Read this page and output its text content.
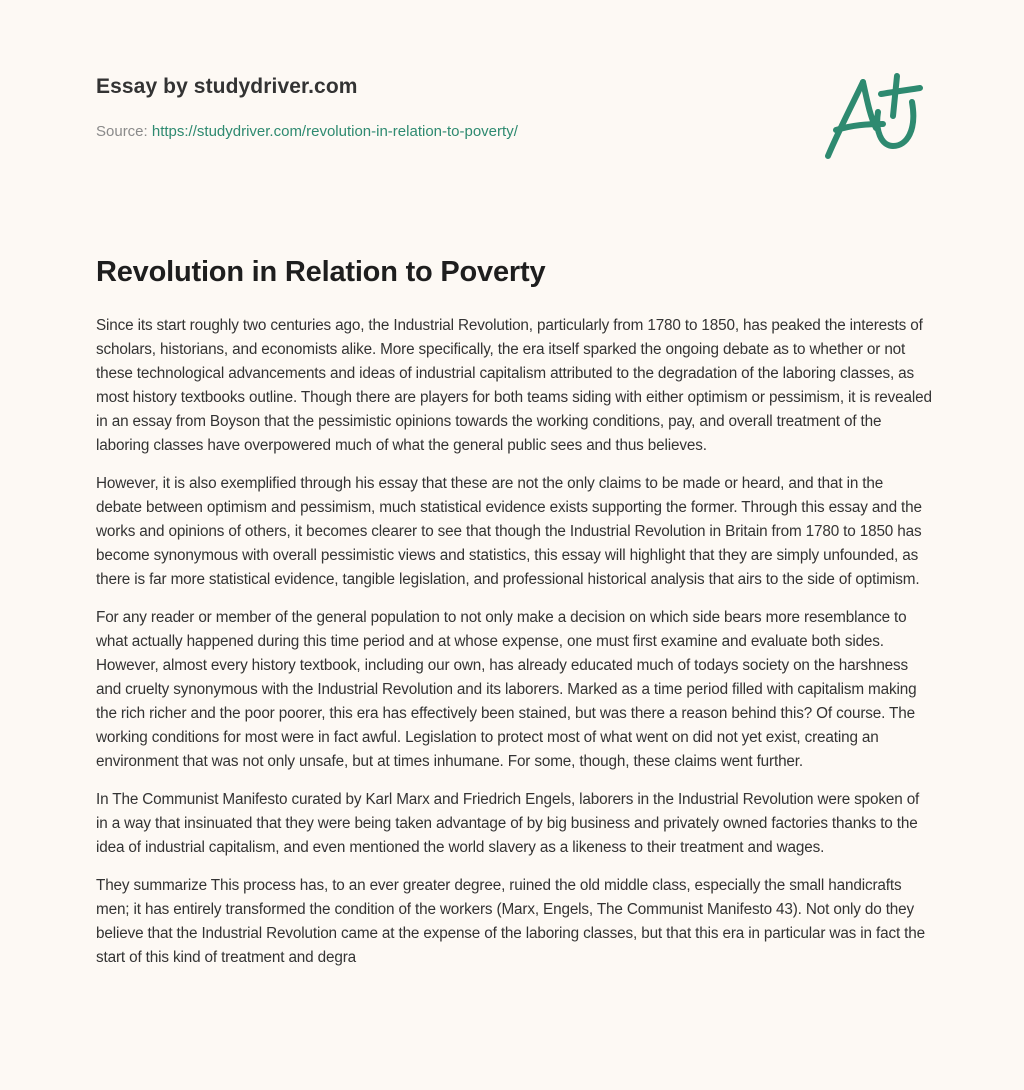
Essay by studydriver.com
Source: https://studydriver.com/revolution-in-relation-to-poverty/
Revolution in Relation to Poverty

Since its start roughly two centuries ago, the Industrial Revolution, particularly from 1780 to 1850, has peaked the interests of scholars, historians, and economists alike. More specifically, the era itself sparked the ongoing debate as to whether or not these technological advancements and ideas of industrial capitalism attributed to the degradation of the laboring classes, as most history textbooks outline. Though there are players for both teams siding with either optimism or pessimism, it is revealed in an essay from Boyson that the pessimistic opinions towards the working conditions, pay, and overall treatment of the laboring classes have overpowered much of what the general public sees and thus believes.

However, it is also exemplified through his essay that these are not the only claims to be made or heard, and that in the debate between optimism and pessimism, much statistical evidence exists supporting the former. Through this essay and the works and opinions of others, it becomes clearer to see that though the Industrial Revolution in Britain from 1780 to 1850 has become synonymous with overall pessimistic views and statistics, this essay will highlight that they are simply unfounded, as there is far more statistical evidence, tangible legislation, and professional historical analysis that airs to the side of optimism.

For any reader or member of the general population to not only make a decision on which side bears more resemblance to what actually happened during this time period and at whose expense, one must first examine and evaluate both sides. However, almost every history textbook, including our own, has already educated much of todays society on the harshness and cruelty synonymous with the Industrial Revolution and its laborers. Marked as a time period filled with capitalism making the rich richer and the poor poorer, this era has effectively been stained, but was there a reason behind this? Of course. The working conditions for most were in fact awful. Legislation to protect most of what went on did not yet exist, creating an environment that was not only unsafe, but at times inhumane. For some, though, these claims went further.

In The Communist Manifesto curated by Karl Marx and Friedrich Engels, laborers in the Industrial Revolution were spoken of in a way that insinuated that they were being taken advantage of by big business and privately owned factories thanks to the idea of industrial capitalism, and even mentioned the world slavery as a likeness to their treatment and wages.

They summarize This process has, to an ever greater degree, ruined the old middle class, especially the small handicrafts men; it has entirely transformed the condition of the workers (Marx, Engels, The Communist Manifesto 43). Not only do they believe that the Industrial Revolution came at the expense of the laboring classes, but that this era in particular was in fact the start of this kind of treatment and degra
